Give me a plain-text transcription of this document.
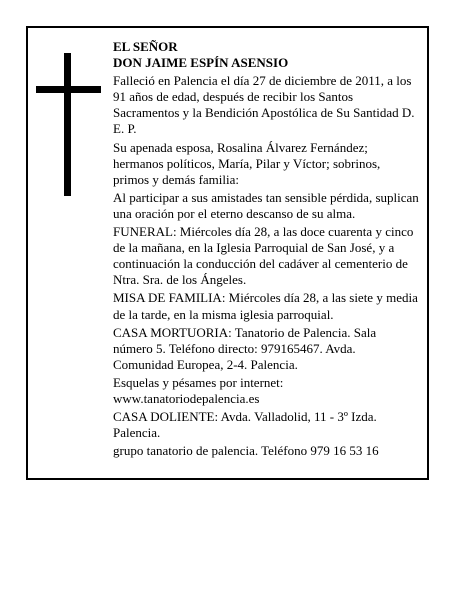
EL SEÑOR
DON JAIME ESPÍN ASENSIO

Falleció en Palencia el día 27 de diciembre de 2011, a los 91 años de edad, después de recibir los Santos Sacramentos y la Bendición Apostólica de Su Santidad D. E. P.

Su apenada esposa, Rosalina Álvarez Fernández; hermanos políticos, María, Pilar y Víctor; sobrinos, primos y demás familia:

Al participar a sus amistades tan sensible pérdida, suplican una oración por el eterno descanso de su alma.

FUNERAL: Miércoles día 28, a las doce cuarenta y cinco de la mañana, en la Iglesia Parroquial de San José, y a continuación la conducción del cadáver al cementerio de Ntra. Sra. de los Ángeles.

MISA DE FAMILIA: Miércoles día 28, a las siete y media de la tarde, en la misma iglesia parroquial.

CASA MORTUORIA: Tanatorio de Palencia. Sala número 5. Teléfono directo: 979165467. Avda. Comunidad Europea, 2-4. Palencia.

Esquelas y pésames por internet: www.tanatoriodepalencia.es

CASA DOLIENTE: Avda. Valladolid, 11 - 3º Izda. Palencia.

grupo tanatorio de palencia. Teléfono 979 16 53 16
